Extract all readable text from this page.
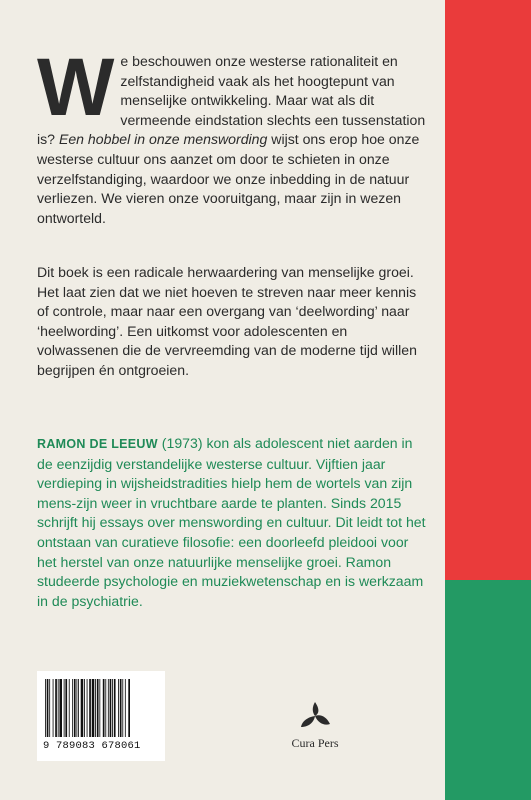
We beschouwen onze westerse rationaliteit en zelfstandigheid vaak als het hoogtepunt van menselijke ontwikkeling. Maar wat als dit vermeende eindstation slechts een tussenstation is? Een hobbel in onze menswording wijst ons erop hoe onze westerse cultuur ons aanzet om door te schieten in onze verzelfstandiging, waardoor we onze inbedding in de natuur verliezen. We vieren onze vooruitgang, maar zijn in wezen ontworteld.

Dit boek is een radicale herwaardering van menselijke groei. Het laat zien dat we niet hoeven te streven naar meer kennis of controle, maar naar een overgang van ‘deelwording’ naar ‘heelwording’. Een uitkomst voor adolescenten en volwassenen die de vervreemding van de moderne tijd willen begrijpen én ontgroeien.

RAMON DE LEEUW (1973) kon als adolescent niet aarden in de eenzijdig verstandelijke westerse cultuur. Vijftien jaar verdieping in wijsheidstradities hielp hem de wortels van zijn mens-zijn weer in vruchtbare aarde te planten. Sinds 2015 schrijft hij essays over menswording en cultuur. Dit leidt tot het ontstaan van curatieve filosofie: een doorleefd pleidooi voor het herstel van onze natuurlijke menselijke groei. Ramon studeerde psychologie en muziekwetenschap en is werkzaam in de psychiatrie.

9 789083 678061	Cura Pers
